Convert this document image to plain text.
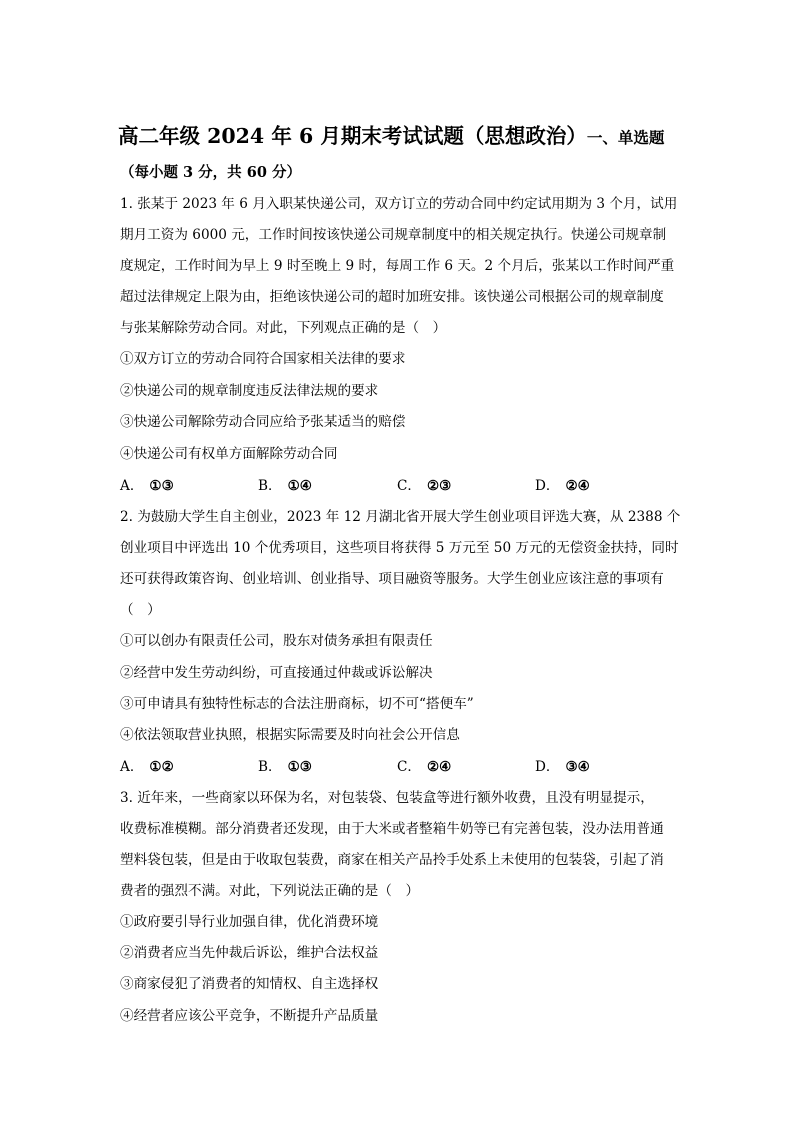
高二年级 2024 年 6 月期末考试试题（思想政治）一、单选题
（每小题 3 分，共 60 分）
1. 张某于 2023 年 6 月入职某快递公司，双方订立的劳动合同中约定试用期为 3 个月，试用
期月工资为 6000 元，工作时间按该快递公司规章制度中的相关规定执行。快递公司规章制
度规定，工作时间为早上 9 时至晚上 9 时，每周工作 6 天。2 个月后，张某以工作时间严重
超过法律规定上限为由，拒绝该快递公司的超时加班安排。该快递公司根据公司的规章制度
与张某解除劳动合同。对此，下列观点正确的是（　）
①双方订立的劳动合同符合国家相关法律的要求
②快递公司的规章制度违反法律法规的要求
③快递公司解除劳动合同应给予张某适当的赔偿
④快递公司有权单方面解除劳动合同
A． ①③	B． ①④	C． ②③	D． ②④
2. 为鼓励大学生自主创业，2023 年 12 月湖北省开展大学生创业项目评选大赛，从 2388 个
创业项目中评选出 10 个优秀项目，这些项目将获得 5 万元至 50 万元的无偿资金扶持，同时
还可获得政策咨询、创业培训、创业指导、项目融资等服务。大学生创业应该注意的事项有
（　）
①可以创办有限责任公司，股东对债务承担有限责任
②经营中发生劳动纠纷，可直接通过仲裁或诉讼解决
③可申请具有独特性标志的合法注册商标，切不可“搭便车”
④依法领取营业执照，根据实际需要及时向社会公开信息
A． ①②	B． ①③	C． ②④	D． ③④
3. 近年来，一些商家以环保为名，对包装袋、包装盒等进行额外收费，且没有明显提示，
收费标准模糊。部分消费者还发现，由于大米或者整箱牛奶等已有完善包装，没办法用普通
塑料袋包装，但是由于收取包装费，商家在相关产品拎手处系上未使用的包装袋，引起了消
费者的强烈不满。对此，下列说法正确的是（　）
①政府要引导行业加强自律，优化消费环境
②消费者应当先仲裁后诉讼，维护合法权益
③商家侵犯了消费者的知情权、自主选择权
④经营者应该公平竞争，不断提升产品质量
